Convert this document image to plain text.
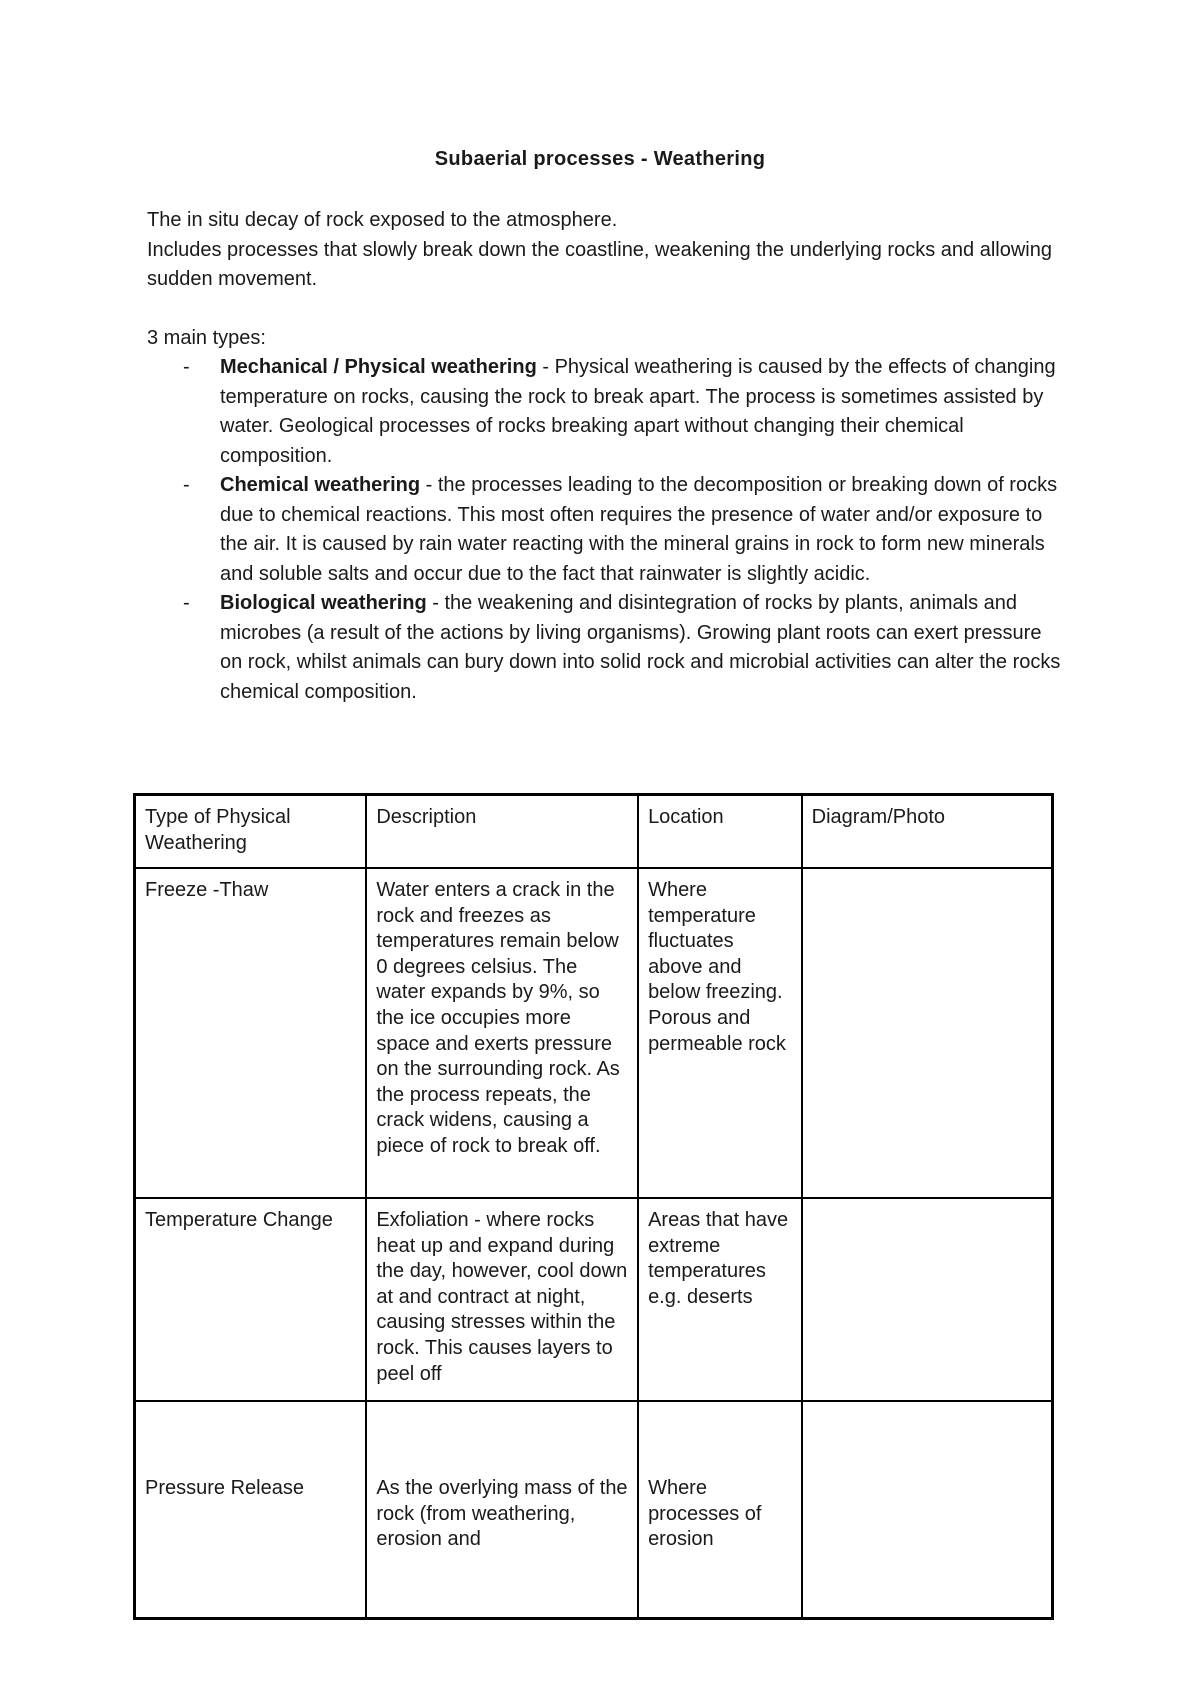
Subaerial processes - Weathering
The in situ decay of rock exposed to the atmosphere.
Includes processes that slowly break down the coastline, weakening the underlying rocks and allowing sudden movement.
3 main types:
- Mechanical / Physical weathering - Physical weathering is caused by the effects of changing temperature on rocks, causing the rock to break apart. The process is sometimes assisted by water. Geological processes of rocks breaking apart without changing their chemical composition.
- Chemical weathering - the processes leading to the decomposition or breaking down of rocks due to chemical reactions. This most often requires the presence of water and/or exposure to the air. It is caused by rain water reacting with the mineral grains in rock to form new minerals and soluble salts and occur due to the fact that rainwater is slightly acidic.
- Biological weathering - the weakening and disintegration of rocks by plants, animals and microbes (a result of the actions by living organisms). Growing plant roots can exert pressure on rock, whilst animals can bury down into solid rock and microbial activities can alter the rocks chemical composition.
Type of Physical Weathering	Description	Location	Diagram/Photo
Freeze -Thaw	Water enters a crack in the rock and freezes as temperatures remain below 0 degrees celsius. The water expands by 9%, so the ice occupies more space and exerts pressure on the surrounding rock. As the process repeats, the crack widens, causing a piece of rock to break off.	Where temperature fluctuates above and below freezing. Porous and permeable rock	
Temperature Change	Exfoliation - where rocks heat up and expand during the day, however, cool down at and contract at night, causing stresses within the rock. This causes layers to peel off	Areas that have extreme temperatures e.g. deserts	
Pressure Release	As the overlying mass of the rock (from weathering, erosion and	Where processes of erosion	
